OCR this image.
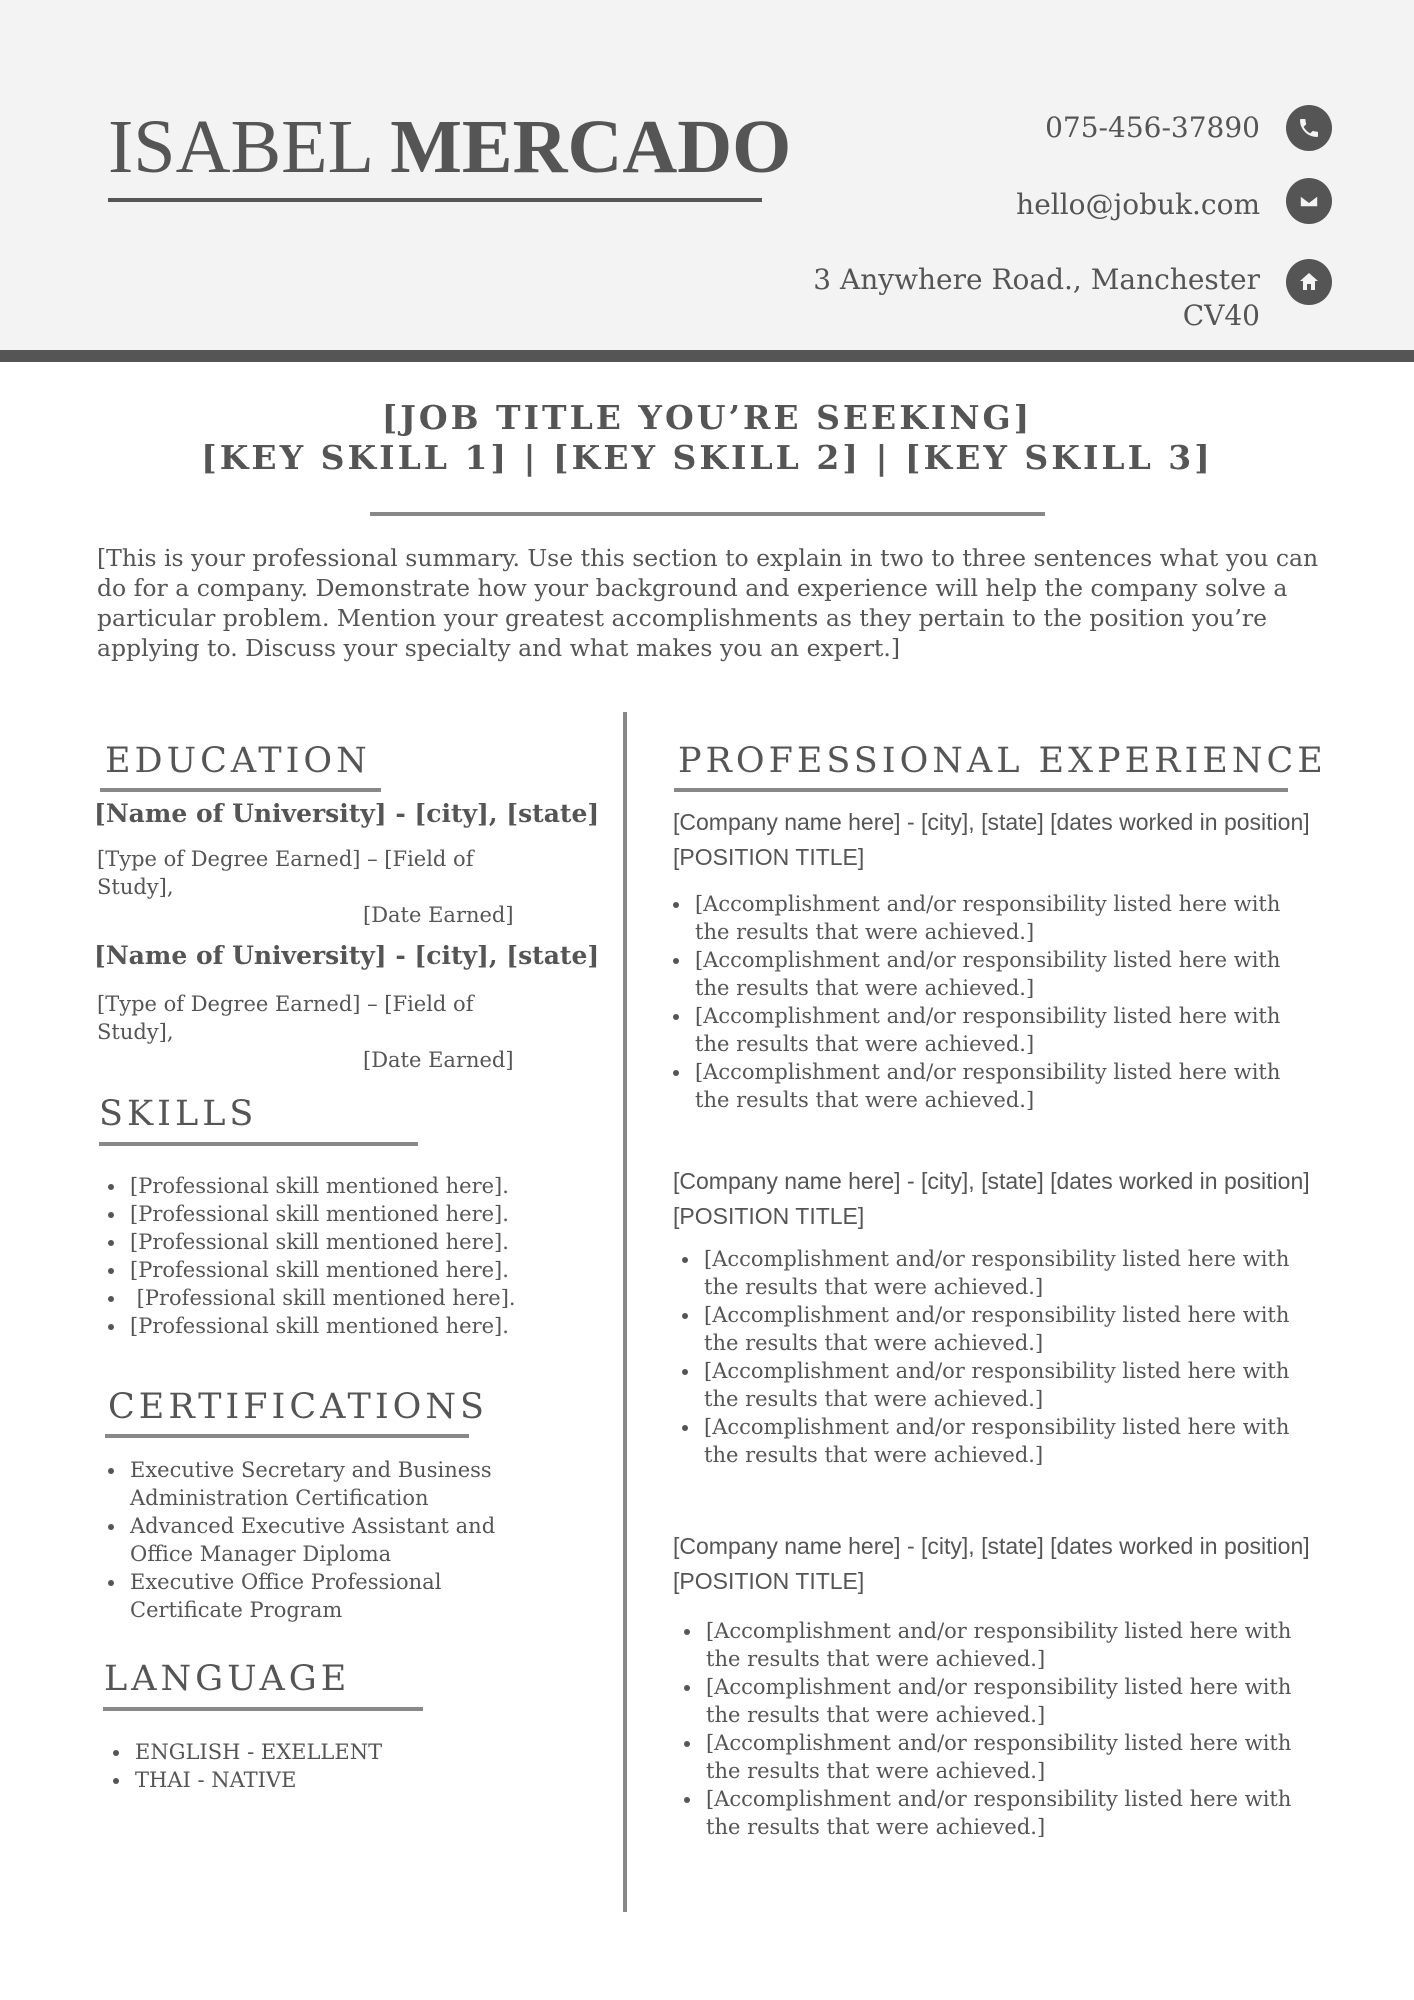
ISABEL MERCADO	075-456-37890
hello@jobuk.com
3 Anywhere Road., Manchester
CV40
[JOB TITLE YOU’RE SEEKING]
[KEY SKILL 1] | [KEY SKILL 2] | [KEY SKILL 3]

[This is your professional summary. Use this section to explain in two to three sentences what you can do for a company. Demonstrate how your background and experience will help the company solve a particular problem. Mention your greatest accomplishments as they pertain to the position you’re applying to. Discuss your specialty and what makes you an expert.]

EDUCATION
[Name of University] - [city], [state]
[Type of Degree Earned] – [Field of Study],
[Date Earned]
[Name of University] - [city], [state]
[Type of Degree Earned] – [Field of Study],
[Date Earned]
SKILLS
[Professional skill mentioned here].
[Professional skill mentioned here].
[Professional skill mentioned here].
[Professional skill mentioned here].
[Professional skill mentioned here].
[Professional skill mentioned here].
CERTIFICATIONS
Executive Secretary and Business Administration Certification
Advanced Executive Assistant and Office Manager Diploma
Executive Office Professional Certificate Program
LANGUAGE
ENGLISH - EXELLENT
THAI - NATIVE
PROFESSIONAL EXPERIENCE
[Company name here] - [city], [state] [dates worked in position]
[POSITION TITLE]
[Accomplishment and/or responsibility listed here with the results that were achieved.]
[Accomplishment and/or responsibility listed here with the results that were achieved.]
[Accomplishment and/or responsibility listed here with the results that were achieved.]
[Accomplishment and/or responsibility listed here with the results that were achieved.]
[Company name here] - [city], [state] [dates worked in position]
[POSITION TITLE]
[Accomplishment and/or responsibility listed here with the results that were achieved.]
[Accomplishment and/or responsibility listed here with the results that were achieved.]
[Accomplishment and/or responsibility listed here with the results that were achieved.]
[Accomplishment and/or responsibility listed here with the results that were achieved.]
[Company name here] - [city], [state] [dates worked in position]
[POSITION TITLE]
[Accomplishment and/or responsibility listed here with the results that were achieved.]
[Accomplishment and/or responsibility listed here with the results that were achieved.]
[Accomplishment and/or responsibility listed here with the results that were achieved.]
[Accomplishment and/or responsibility listed here with the results that were achieved.]
